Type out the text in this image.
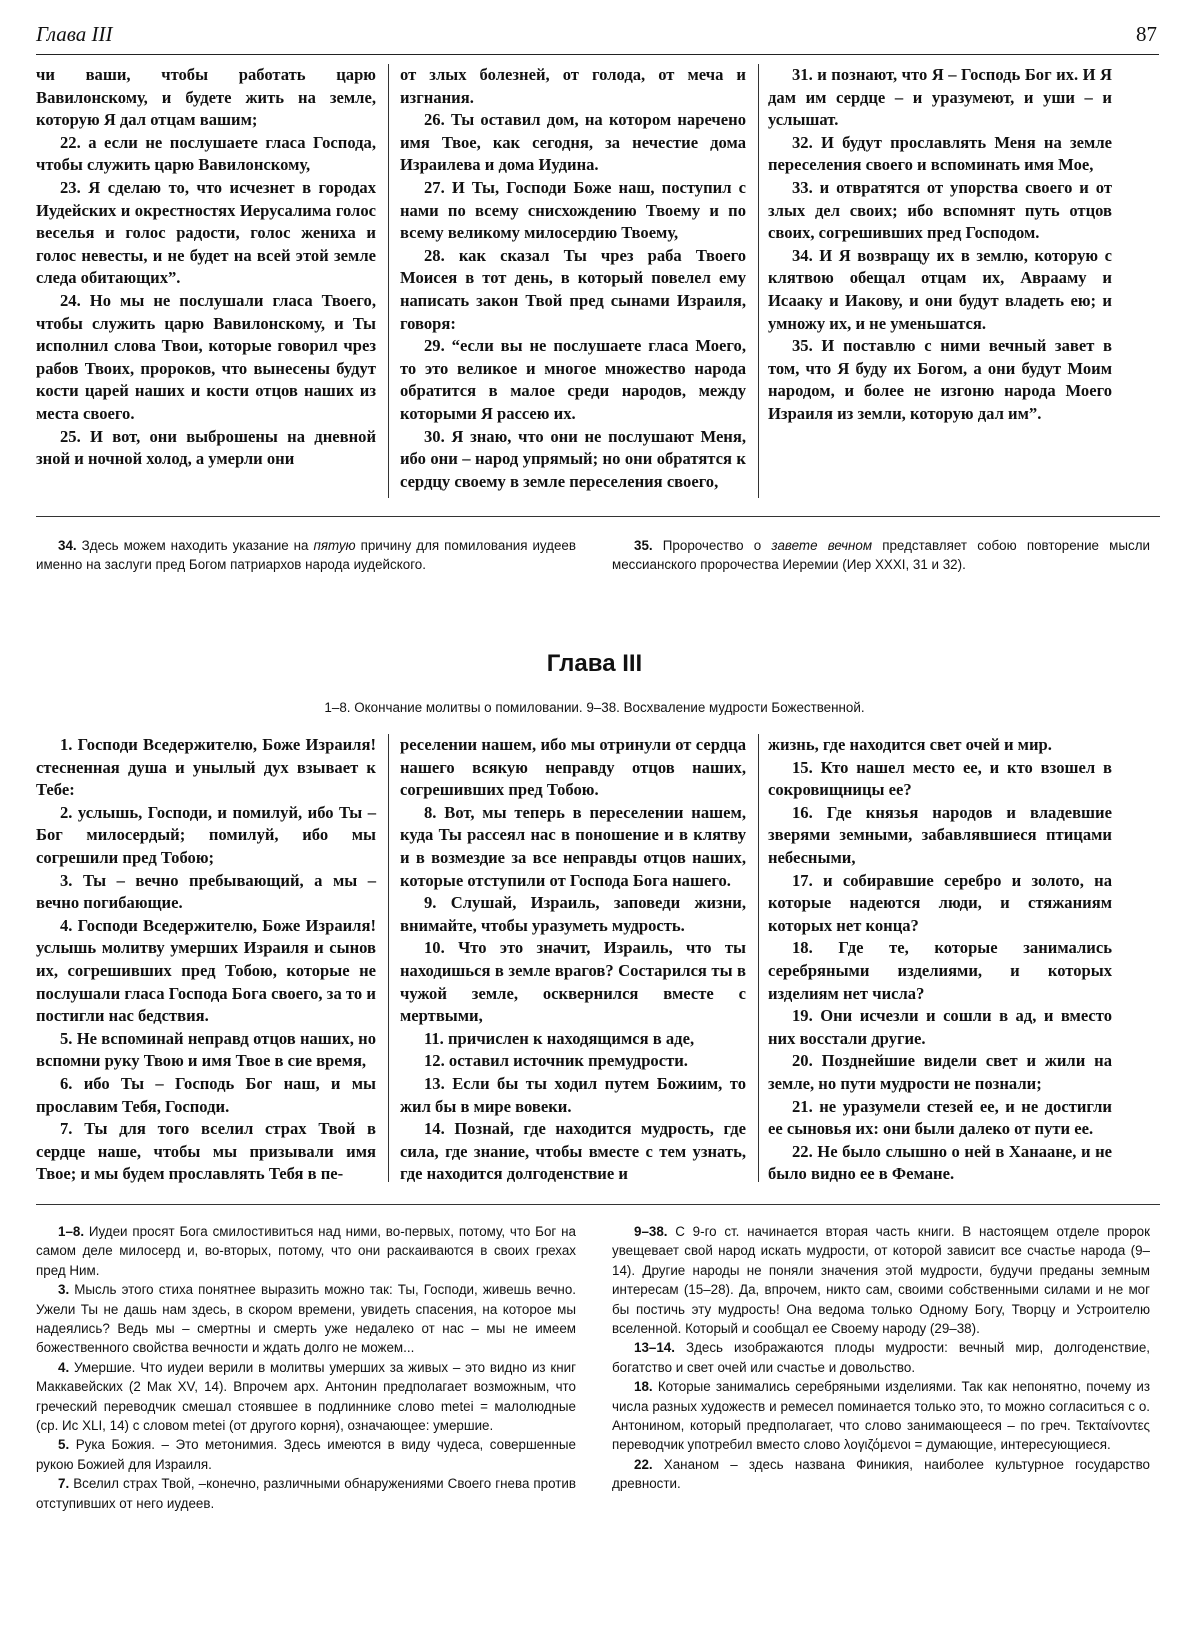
Глава III	87

чи ваши, чтобы работать царю Вавилонскому, и будете жить на земле, которую Я дал отцам вашим;

22. а если не послушаете гласа Господа, чтобы служить царю Вавилонскому,

23. Я сделаю то, что исчезнет в городах Иудейских и окрестностях Иерусалима голос веселья и голос радости, голос жениха и голос невесты, и не будет на всей этой земле следа обитающих”.

24. Но мы не послушали гласа Твоего, чтобы служить царю Вавилонскому, и Ты исполнил слова Твои, которые говорил чрез рабов Твоих, пророков, что вынесены будут кости царей наших и кости отцов наших из места своего.

25. И вот, они выброшены на дневной зной и ночной холод, а умерли они

от злых болезней, от голода, от меча и изгнания.

26. Ты оставил дом, на котором наречено имя Твое, как сегодня, за нечестие дома Израилева и дома Иудина.

27. И Ты, Господи Боже наш, поступил с нами по всему снисхождению Твоему и по всему великому милосердию Твоему,

28. как сказал Ты чрез раба Твоего Моисея в тот день, в который повелел ему написать закон Твой пред сынами Израиля, говоря:

29. “если вы не послушаете гласа Моего, то это великое и многое множество народа обратится в малое среди народов, между которыми Я рассею их.

30. Я знаю, что они не послушают Меня, ибо они – народ упрямый; но они обратятся к сердцу своему в земле переселения своего,

31. и познают, что Я – Господь Бог их. И Я дам им сердце – и уразумеют, и уши – и услышат.

32. И будут прославлять Меня на земле переселения своего и вспоминать имя Мое,

33. и отвратятся от упорства своего и от злых дел своих; ибо вспомнят путь отцов своих, согрешивших пред Господом.

34. И Я возвращу их в землю, которую с клятвою обещал отцам их, Аврааму и Исааку и Иакову, и они будут владеть ею; и умножу их, и не уменьшатся.

35. И поставлю с ними вечный завет в том, что Я буду их Богом, а они будут Моим народом, и более не изгоню народа Моего Израиля из земли, которую дал им”.

34. Здесь можем находить указание на пятую причину для помилования иудеев именно на заслуги пред Богом патриархов народа иудейского.

35. Пророчество о завете вечном представляет собою повторение мысли мессианского пророчества Иеремии (Иер XXXI, 31 и 32).

Глава III
1–8. Окончание молитвы о помиловании. 9–38. Восхваление мудрости Божественной.

1. Господи Вседержителю, Боже Израиля! стесненная душа и унылый дух взывает к Тебе:

2. услышь, Господи, и помилуй, ибо Ты – Бог милосердый; помилуй, ибо мы согрешили пред Тобою;

3. Ты – вечно пребывающий, а мы – вечно погибающие.

4. Господи Вседержителю, Боже Израиля! услышь молитву умерших Израиля и сынов их, согрешивших пред Тобою, которые не послушали гласа Господа Бога своего, за то и постигли нас бедствия.

5. Не вспоминай неправд отцов наших, но вспомни руку Твою и имя Твое в сие время,

6. ибо Ты – Господь Бог наш, и мы прославим Тебя, Господи.

7. Ты для того вселил страх Твой в сердце наше, чтобы мы призывали имя Твое; и мы будем прославлять Тебя в пе-

реселении нашем, ибо мы отринули от сердца нашего всякую неправду отцов наших, согрешивших пред Тобою.

8. Вот, мы теперь в переселении нашем, куда Ты рассеял нас в поношение и в клятву и в возмездие за все неправды отцов наших, которые отступили от Господа Бога нашего.

9. Слушай, Израиль, заповеди жизни, внимайте, чтобы уразуметь мудрость.

10. Что это значит, Израиль, что ты находишься в земле врагов? Состарился ты в чужой земле, осквернился вместе с мертвыми,

11. причислен к находящимся в аде,

12. оставил источник премудрости.

13. Если бы ты ходил путем Божиим, то жил бы в мире вовеки.

14. Познай, где находится мудрость, где сила, где знание, чтобы вместе с тем узнать, где находится долгоденствие и

жизнь, где находится свет очей и мир.

15. Кто нашел место ее, и кто взошел в сокровищницы ее?

16. Где князья народов и владевшие зверями земными, забавлявшиеся птицами небесными,

17. и собиравшие серебро и золото, на которые надеются люди, и стяжаниям которых нет конца?

18. Где те, которые занимались серебряными изделиями, и которых изделиям нет числа?

19. Они исчезли и сошли в ад, и вместо них восстали другие.

20. Позднейшие видели свет и жили на земле, но пути мудрости не познали;

21. не уразумели стезей ее, и не достигли ее сыновья их: они были далеко от пути ее.

22. Не было слышно о ней в Ханаане, и не было видно ее в Фемане.

1–8. Иудеи просят Бога смилостивиться над ними, во-первых, потому, что Бог на самом деле милосерд и, во-вторых, потому, что они раскаиваются в своих грехах пред Ним.

3. Мысль этого стиха понятнее выразить можно так: Ты, Господи, живешь вечно. Ужели Ты не дашь нам здесь, в скором времени, увидеть спасения, на которое мы надеялись? Ведь мы – смертны и смерть уже недалеко от нас – мы не имеем божественного свойства вечности и ждать долго не можем...

4. Умершие. Что иудеи верили в молитвы умерших за живых – это видно из книг Маккавейских (2 Мак XV, 14). Впрочем арх. Антонин предполагает возможным, что греческий переводчик смешал стоявшее в подлиннике слово metei = малолюдные (ср. Ис XLI, 14) с словом metei (от другого корня), означающее: умершие.

5. Рука Божия. – Это метонимия. Здесь имеются в виду чудеса, совершенные рукою Божией для Израиля.

7. Вселил страх Твой, –конечно, различными обнаружениями Своего гнева против отступивших от него иудеев.

9–38. С 9-го ст. начинается вторая часть книги. В настоящем отделе пророк увещевает свой народ искать мудрости, от которой зависит все счастье народа (9–14). Другие народы не поняли значения этой мудрости, будучи преданы земным интересам (15–28). Да, впрочем, никто сам, своими собственными силами и не мог бы постичь эту мудрость! Она ведома только Одному Богу, Творцу и Устроителю вселенной. Который и сообщал ее Своему народу (29–38).

13–14. Здесь изображаются плоды мудрости: вечный мир, долгоденствие, богатство и свет очей или счастье и довольство.

18. Которые занимались серебряными изделиями. Так как непонятно, почему из числа разных художеств и ремесел поминается только это, то можно согласиться с о. Антонином, который предполагает, что слово занимающееся – по греч. Τεκταίνοντες переводчик употребил вместо слово λογιζόμενοι = думающие, интересующиеся.

22. Хананом – здесь названа Финикия, наиболее культурное государство древности.
